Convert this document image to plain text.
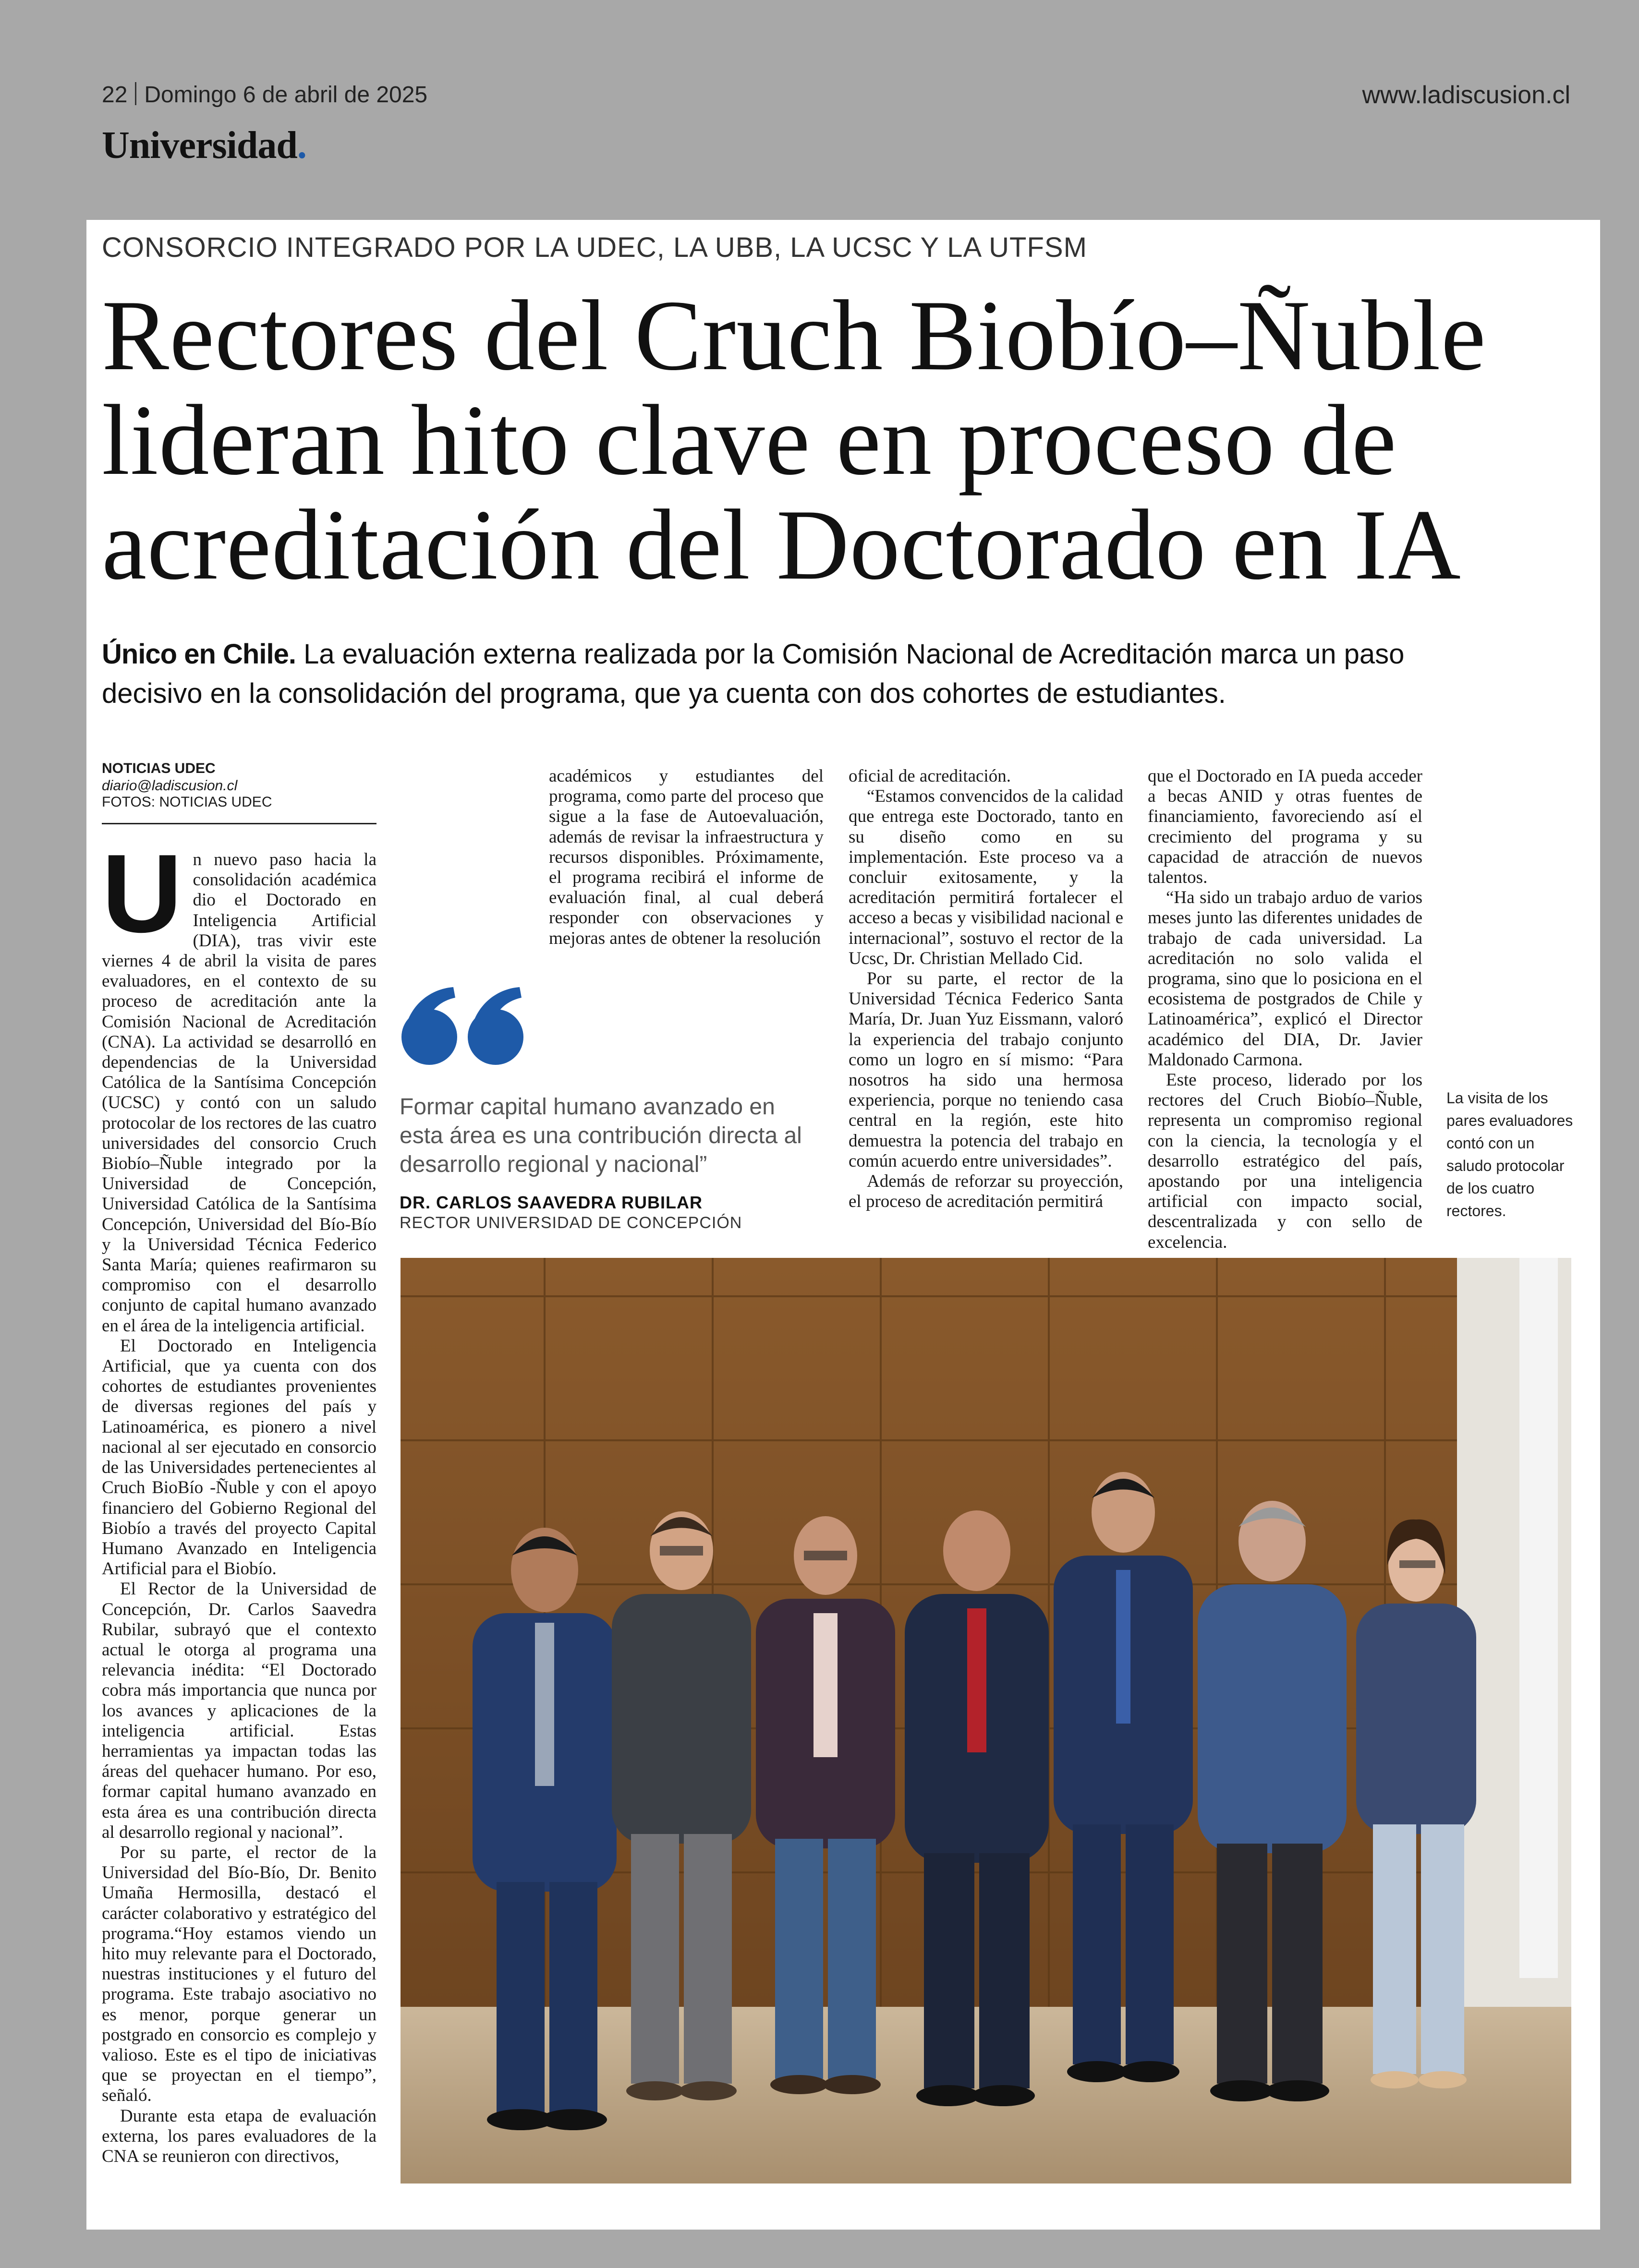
22 Domingo 6 de abril de 2025	www.ladiscusion.cl
Universidad.
CONSORCIO INTEGRADO POR LA UDEC, LA UBB, LA UCSC Y LA UTFSM
Rectores del Cruch Biobío–Ñuble lideran hito clave en proceso de acreditación del Doctorado en IA
Único en Chile. La evaluación externa realizada por la Comisión Nacional de Acreditación marca un paso decisivo en la consolidación del programa, que ya cuenta con dos cohortes de estudiantes.
NOTICIAS UDEC
diario@ladiscusion.cl
FOTOS: NOTICIAS UDEC
U n nuevo paso hacia la consolidación académica dio el Doctorado en Inteligencia Artificial (DIA), tras vivir este viernes 4 de abril la visita de pares evaluadores, en el contexto de su proceso de acreditación ante la Comisión Nacional de Acreditación (CNA). La actividad se desarrolló en dependencias de la Universidad Católica de la Santísima Concepción (UCSC) y contó con un saludo protocolar de los rectores de las cuatro universidades del consorcio Cruch Biobío–Ñuble integrado por la Universidad de Concepción, Universidad Católica de la Santísima Concepción, Universidad del Bío-Bío y la Universidad Técnica Federico Santa María; quienes reafirmaron su compromiso con el desarrollo conjunto de capital humano avanzado en el área de la inteligencia artificial.

El Doctorado en Inteligencia Artificial, que ya cuenta con dos cohortes de estudiantes provenientes de diversas regiones del país y Latinoamérica, es pionero a nivel nacional al ser ejecutado en consorcio de las Universidades pertenecientes al Cruch BioBío -Ñuble y con el apoyo financiero del Gobierno Regional del Biobío a través del proyecto Capital Humano Avanzado en Inteligencia Artificial para el Biobío.

El Rector de la Universidad de Concepción, Dr. Carlos Saavedra Rubilar, subrayó que el contexto actual le otorga al programa una relevancia inédita: “El Doctorado cobra más importancia que nunca por los avances y aplicaciones de la inteligencia artificial. Estas herramientas ya impactan todas las áreas del quehacer humano. Por eso, formar capital humano avanzado en esta área es una contribución directa al desarrollo regional y nacional”.

Por su parte, el rector de la Universidad del Bío-Bío, Dr. Benito Umaña Hermosilla, destacó el carácter colaborativo y estratégico del programa.“Hoy estamos viendo un hito muy relevante para el Doctorado, nuestras instituciones y el futuro del programa. Este trabajo asociativo no es menor, porque generar un postgrado en consorcio es complejo y valioso. Este es el tipo de iniciativas que se proyectan en el tiempo”, señaló.

Durante esta etapa de evaluación externa, los pares evaluadores de la CNA se reunieron con directivos,

académicos y estudiantes del programa, como parte del proceso que sigue a la fase de Autoevaluación, además de revisar la infraestructura y recursos disponibles. Próximamente, el programa recibirá el informe de evaluación final, al cual deberá responder con observaciones y mejoras antes de obtener la resolución

oficial de acreditación.

“Estamos convencidos de la calidad que entrega este Doctorado, tanto en su diseño como en su implementación. Este proceso va a concluir exitosamente, y la acreditación permitirá fortalecer el acceso a becas y visibilidad nacional e internacional”, sostuvo el rector de la Ucsc, Dr. Christian Mellado Cid.

Por su parte, el rector de la Universidad Técnica Federico Santa María, Dr. Juan Yuz Eissmann, valoró la experiencia del trabajo conjunto como un logro en sí mismo: “Para nosotros ha sido una hermosa experiencia, porque no teniendo casa central en la región, este hito demuestra la potencia del trabajo en común acuerdo entre universidades”.

Además de reforzar su proyección, el proceso de acreditación permitirá

que el Doctorado en IA pueda acceder a becas ANID y otras fuentes de financiamiento, favoreciendo así el crecimiento del programa y su capacidad de atracción de nuevos talentos.

“Ha sido un trabajo arduo de varios meses junto las diferentes unidades de trabajo de cada universidad. La acreditación no solo valida el programa, sino que lo posiciona en el ecosistema de postgrados de Chile y Latinoamérica”, explicó el Director académico del DIA, Dr. Javier Maldonado Carmona.

Este proceso, liderado por los rectores del Cruch Biobío–Ñuble, representa un compromiso regional con la ciencia, la tecnología y el desarrollo estratégico del país, apostando por una inteligencia artificial con impacto social, descentralizada y con sello de excelencia.

Formar capital humano avanzado en esta área es una contribución directa al desarrollo regional y nacional”
DR. CARLOS SAAVEDRA RUBILAR
RECTOR UNIVERSIDAD DE CONCEPCIÓN
La visita de los pares evaluadores contó con un saludo protocolar de los cuatro rectores.
